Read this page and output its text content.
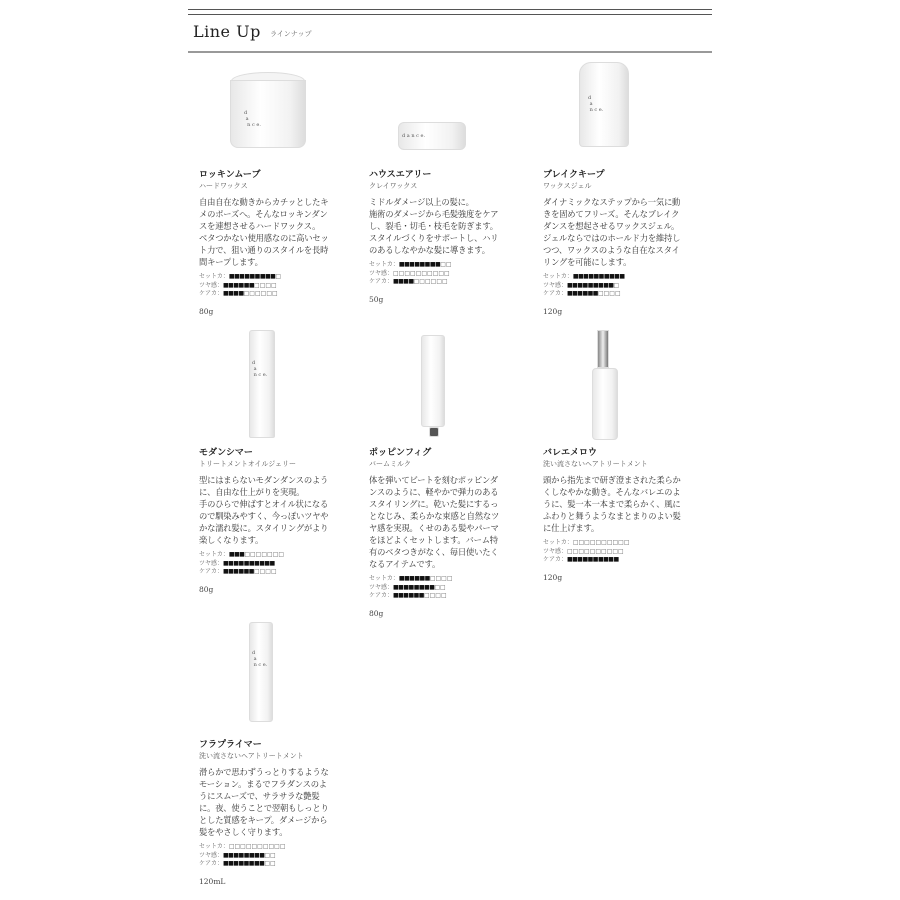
Line Up ラインナップ
d
a
n c e.
d a n c e.
d
a
n c e.
d
a
n c e.
d
a
n c e.
ロッキンムーブ
ハードワックス
自由自在な動きからカチッとしたキ
メのポーズへ。そんなロッキンダン
スを連想させるハードワックス。
ベタつかない使用感なのに高いセッ
ト力で、狙い通りのスタイルを長時
間キープします。
セットカ：■■■■■■■■■□
ツヤ感：■■■■■■□□□□
ケアカ：■■■■□□□□□□
80g
ハウスエアリー
クレイワックス
ミドルダメージ以上の髪に。
施術のダメージから毛髪強度をケア
し、裂毛・切毛・枝毛を防ぎます。
スタイルづくりをサポートし、ハリ
のあるしなやかな髪に導きます。
セットカ：■■■■■■■■□□
ツヤ感：□□□□□□□□□□
ケアカ：■■■■□□□□□□
50g
ブレイクキープ
ワックスジェル
ダイナミックなステップから一気に動
きを固めてフリーズ。そんなブレイク
ダンスを想起させるワックスジェル。
ジェルならではのホールド力を維持し
つつ、ワックスのような自在なスタイ
リングを可能にします。
セットカ：■■■■■■■■■■
ツヤ感：■■■■■■■■■□
ケアカ：■■■■■■□□□□
120g
モダンシマー
トリートメントオイルジェリー
型にはまらないモダンダンスのよう
に、自由な仕上がりを実現。
手のひらで伸ばすとオイル状になる
ので馴染みやすく、今っぽいツヤや
かな濡れ髪に。スタイリングがより
楽しくなります。
セットカ：■■■□□□□□□□
ツヤ感：■■■■■■■■■■
ケアカ：■■■■■■□□□□
80g
ポッピンフィグ
バームミルク
体を弾いてビートを刻むポッピンダ
ンスのように、軽やかで弾力のある
スタイリングに。乾いた髪にするっ
となじみ、柔らかな束感と自然なツ
ヤ感を実現。くせのある髪やパーマ
をほどよくセットします。バーム特
有のベタつきがなく、毎日使いたく
なるアイテムです。
セットカ：■■■■■■□□□□
ツヤ感：■■■■■■■■□□
ケアカ：■■■■■■□□□□
80g
バレエメロウ
洗い流さないヘアトリートメント
頭から指先まで研ぎ澄まされた柔らか
くしなやかな動き。そんなバレエのよ
うに、髪一本一本まで柔らかく、風に
ふわりと舞うようなまとまりのよい髪
に仕上げます。
セットカ：□□□□□□□□□□
ツヤ感：□□□□□□□□□□
ケアカ：■■■■■■■■■■
120g
フラプライマー
洗い流さないヘアトリートメント
滑らかで思わずうっとりするような
モーション。まるでフラダンスのよ
うにスムーズで、サラサラな艶髪
に。夜、使うことで翌朝もしっとり
とした質感をキープ。ダメージから
髪をやさしく守ります。
セットカ：□□□□□□□□□□
ツヤ感：■■■■■■■■□□
ケアカ：■■■■■■■■□□
120mL
